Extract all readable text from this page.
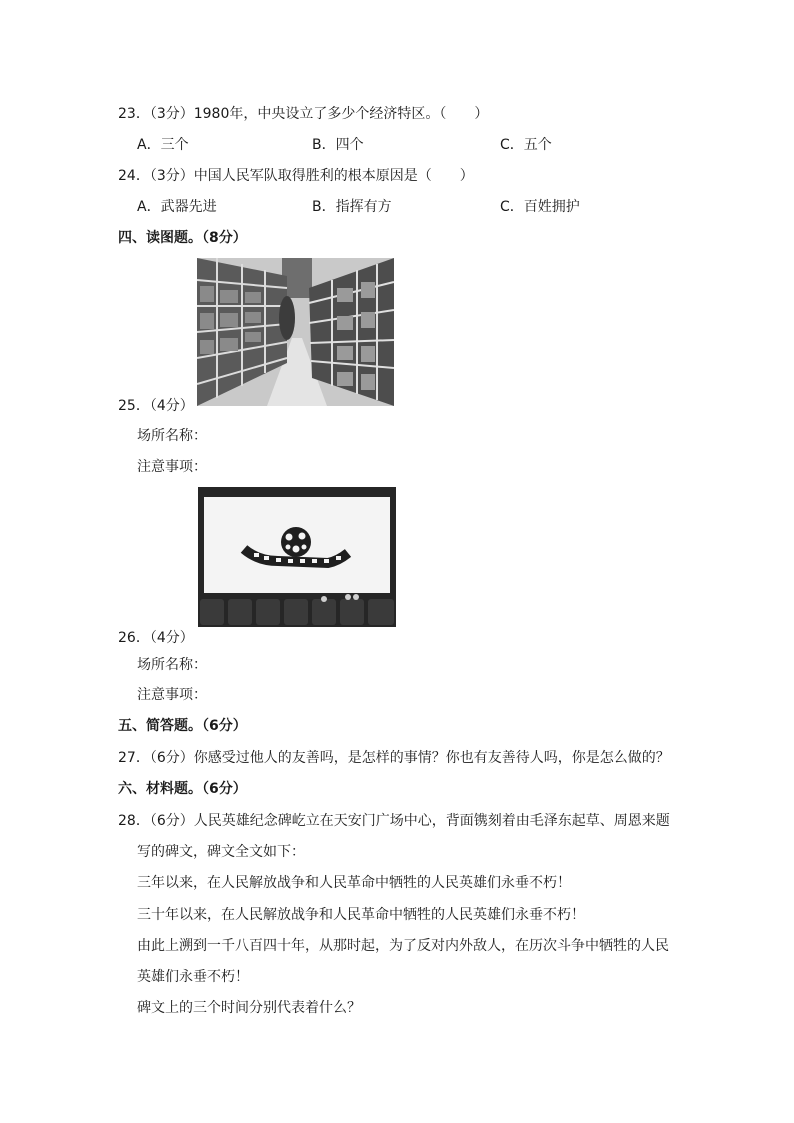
23．（3分）1980年，中央设立了多少个经济特区。（　　）
A．三个	B．四个	C．五个
24．（3分）中国人民军队取得胜利的根本原因是（　　）
A．武器先进	B．指挥有方	C．百姓拥护
四、读图题。（8分）
25．（4分）
场所名称：
注意事项：
26．（4分）
场所名称：
注意事项：
五、简答题。（6分）
27．（6分）你感受过他人的友善吗，是怎样的事情？你也有友善待人吗，你是怎么做的？
六、材料题。（6分）
28．（6分）人民英雄纪念碑屹立在天安门广场中心，背面镌刻着由毛泽东起草、周恩来题
写的碑文，碑文全文如下：
三年以来，在人民解放战争和人民革命中牺牲的人民英雄们永垂不朽！
三十年以来，在人民解放战争和人民革命中牺牲的人民英雄们永垂不朽！
由此上溯到一千八百四十年，从那时起，为了反对内外敌人，在历次斗争中牺牲的人民
英雄们永垂不朽！
碑文上的三个时间分别代表着什么？
